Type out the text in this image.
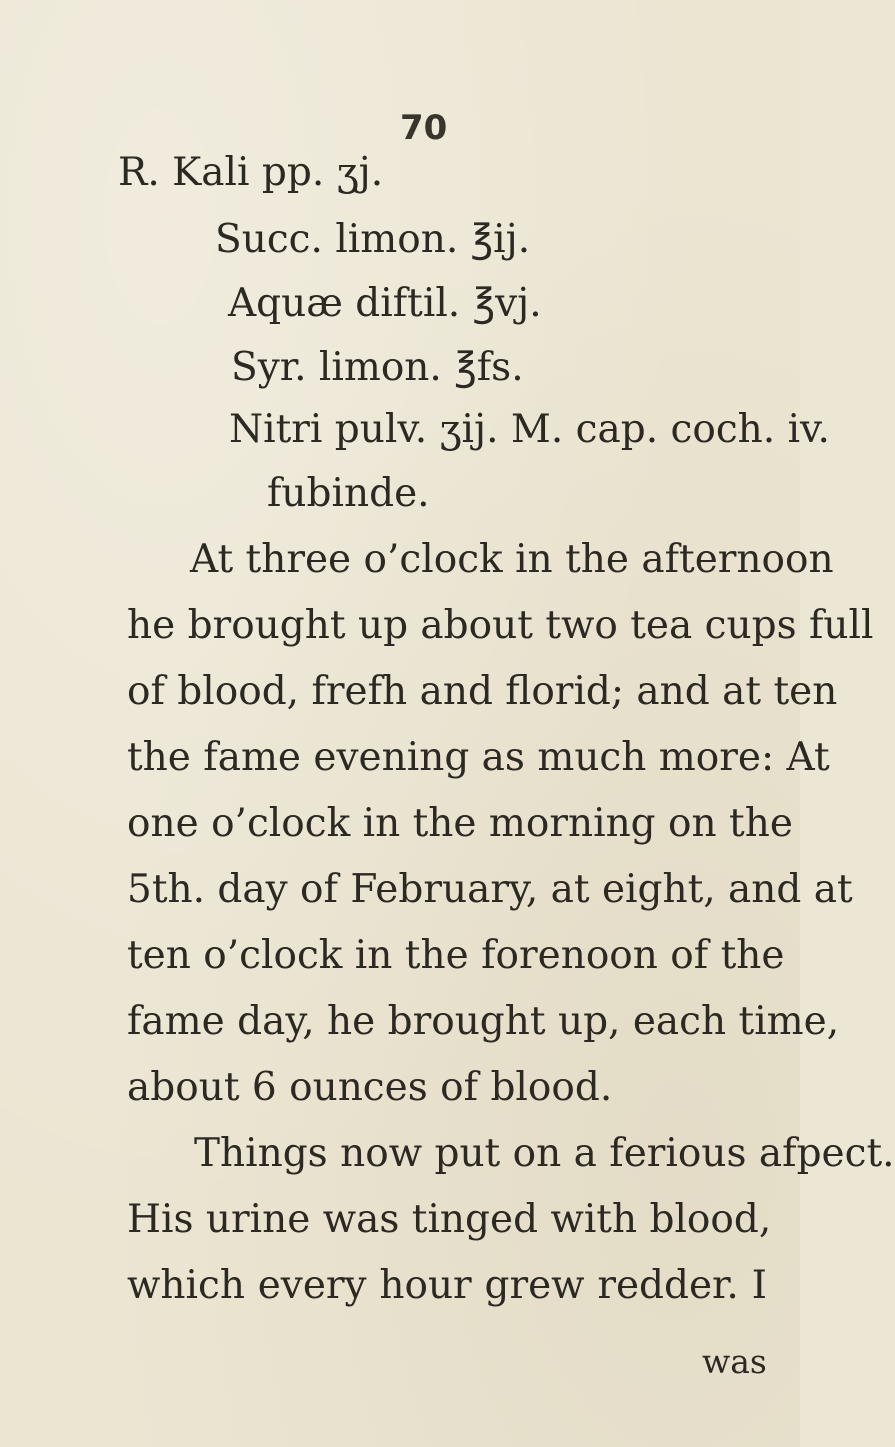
70
R. Kali pp. ʒj.
Succ. limon. ℥ij.
Aquæ diftil. ℥vj.
Syr. limon. ℥fs.
Nitri pulv. ʒij. M. cap. coch. iv.
fubinde.
At three o’clock in the afternoon
he brought up about two tea cups full
of blood, frefh and florid; and at ten
the fame evening as much more: At
one o’clock in the morning on the
5th. day of February, at eight, and at
ten o’clock in the forenoon of the
fame day, he brought up, each time,
about 6 ounces of blood.
Things now put on a ferious afpect.
His urine was tinged with blood,
which every hour grew redder. I
was
